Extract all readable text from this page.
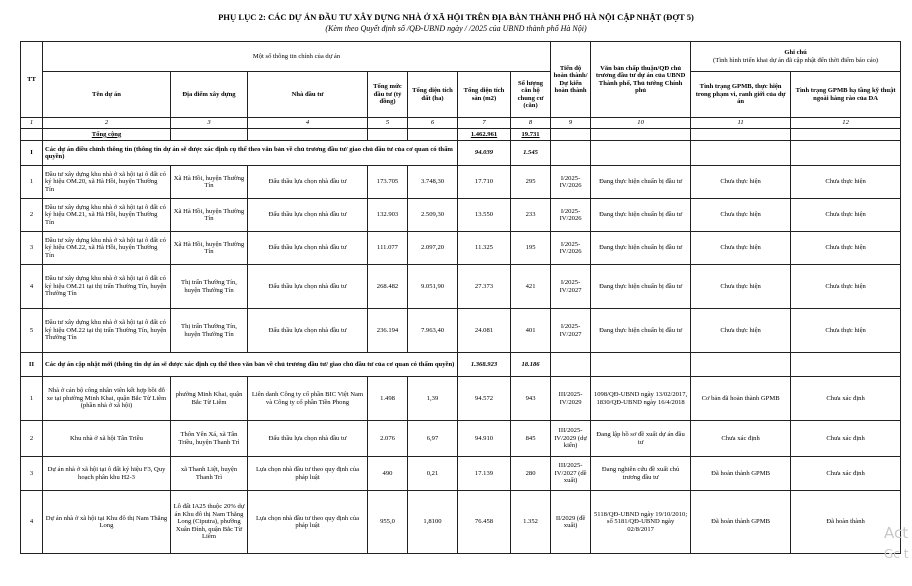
PHỤ LỤC 2: CÁC DỰ ÁN ĐẦU TƯ XÂY DỰNG NHÀ Ở XÃ HỘI TRÊN ĐỊA BÀN THÀNH PHỐ HÀ NỘI CẬP NHẬT (ĐỢT 5)
(Kèm theo Quyết định số /QĐ-UBND ngày / /2025 của UBND thành phố Hà Nội)
TT	Một số thông tin chính của dự án							Tiến độ hoàn thành/ Dự kiến hoàn thành	Văn bản chấp thuận/QĐ chủ trương đầu tư dự án của UBND Thành phố, Thủ tướng Chính phủ	Ghi chú
(Tình hình triển khai dự án đã cập nhật đến thời điểm báo cáo)	

	Tên dự án	Địa điểm xây dựng	Nhà đầu tư	Tổng mức đầu tư (tỷ đồng)	Tổng diện tích đất (ha)	Tổng diện tích sàn (m2)	Số lượng căn hộ chung cư (căn)			Tình trạng GPMB, thực hiện trong phạm vi, ranh giới của dự án	Tình trạng GPMB hạ tầng kỹ thuật ngoài hàng rào của DA
1	2	3	4	5	6	7	8	9	10	11	12
	Tổng cộng					1.462.961	19.731				
I	Các dự án điều chỉnh thông tin (thông tin dự án sẽ được xác định cụ thể theo văn bản về chủ trương đầu tư/ giao chủ đầu tư của cơ quan có thẩm quyền)					94.039	1.545				
1	Đầu tư xây dựng khu nhà ở xã hội tại ô đất có ký hiệu OM.20, xã Hà Hồi, huyện Thường Tín	Xã Hà Hồi, huyện Thường Tín	Đấu thầu lựa chọn nhà đầu tư	173.705	3.748,30	17.710	295	I/2025-IV/2026	Đang thực hiện chuẩn bị đầu tư	Chưa thực hiện	Chưa thực hiện
2	Đầu tư xây dựng khu nhà ở xã hội tại ô đất có ký hiệu OM.21, xã Hà Hồi, huyện Thường Tín	Xã Hà Hồi, huyện Thường Tín	Đấu thầu lựa chọn nhà đầu tư	132.903	2.509,30	13.550	233	I/2025-IV/2026	Đang thực hiện chuẩn bị đầu tư	Chưa thực hiện	Chưa thực hiện
3	Đầu tư xây dựng khu nhà ở xã hội tại ô đất có ký hiệu OM.22, xã Hà Hồi, huyện Thường Tín	Xã Hà Hồi, huyện Thường Tín	Đấu thầu lựa chọn nhà đầu tư	111.077	2.097,20	11.325	195	I/2025-IV/2026	Đang thực hiện chuẩn bị đầu tư	Chưa thực hiện	Chưa thực hiện
4	Đầu tư xây dựng khu nhà ở xã hội tại ô đất có ký hiệu OM.21 tại thị trấn Thường Tín, huyện Thường Tín	Thị trấn Thường Tín, huyện Thường Tín	Đấu thầu lựa chọn nhà đầu tư	268.482	9.051,90	27.373	421	I/2025-IV/2027	Đang thực hiện chuẩn bị đầu tư	Chưa thực hiện	Chưa thực hiện
5	Đầu tư xây dựng khu nhà ở xã hội tại ô đất có ký hiệu OM.22 tại thị trấn Thường Tín, huyện Thường Tín	Thị trấn Thường Tín, huyện Thường Tín	Đấu thầu lựa chọn nhà đầu tư	236.194	7.963,40	24.081	401	I/2025-IV/2027	Đang thực hiện chuẩn bị đầu tư	Chưa thực hiện	Chưa thực hiện
II	Các dự án cập nhật mới (thông tin dự án sẽ được xác định cụ thể theo văn bản về chủ trương đầu tư/ giao chủ đầu tư của cơ quan có thẩm quyền)					1.368.923	18.186				
1	Nhà ở cán bộ công nhân viên kết hợp bồi đỗ xe tại phường Minh Khai, quận Bắc Từ Liêm (phần nhà ở xã hội)	phường Minh Khai, quận Bắc Từ Liêm	Liên danh Công ty cổ phần BIC Việt Nam và Công ty cổ phần Tiền Phong	1.498	1,39	94.572	943	III/2025-IV/2029	1098/QĐ-UBND ngày 13/02/2017, 1830/QĐ-UBND ngày 16/4/2018	Cơ bản đã hoàn thành GPMB	Chưa xác định
2	Khu nhà ở xã hội Tân Triều	Thôn Yên Xá, xã Tân Triều, huyện Thanh Trì	Đấu thầu lựa chọn nhà đầu tư	2.076	6,97	94.910	845	III/2025-IV/2029 (dự kiến)	Đang lập hồ sơ đề xuất dự án đầu tư	Chưa xác định	Chưa xác định
3	Dự án nhà ở xã hội tại ô đất ký hiệu F3, Quy hoạch phân khu H2-3	xã Thanh Liệt, huyện Thanh Trì	Lựa chọn nhà đầu tư theo quy định của pháp luật	490	0,21	17.139	280	III/2025-IV/2027 (dề xuất)	Đang nghiên cứu đề xuất chủ trương đầu tư	Đã hoàn thành GPMB	Chưa xác định
4	Dự án nhà ở xã hội tại Khu đô thị Nam Thăng Long	Lô đất IA25 thuộc 20% dự án Khu đô thị Nam Thăng Long (Ciputra), phường Xuân Đỉnh, quận Bắc Từ Liêm	Lựa chọn nhà đầu tư theo quy định của pháp luật	955,0	1,8100	76.458	1.352	II/2029 (đề xuất)	5118/QĐ-UBND ngày 19/10/2010; số 5181/QĐ-UBND ngày 02/8/2017	Đã hoàn thành GPMB	Đã hoàn thành
Act
Gc t
